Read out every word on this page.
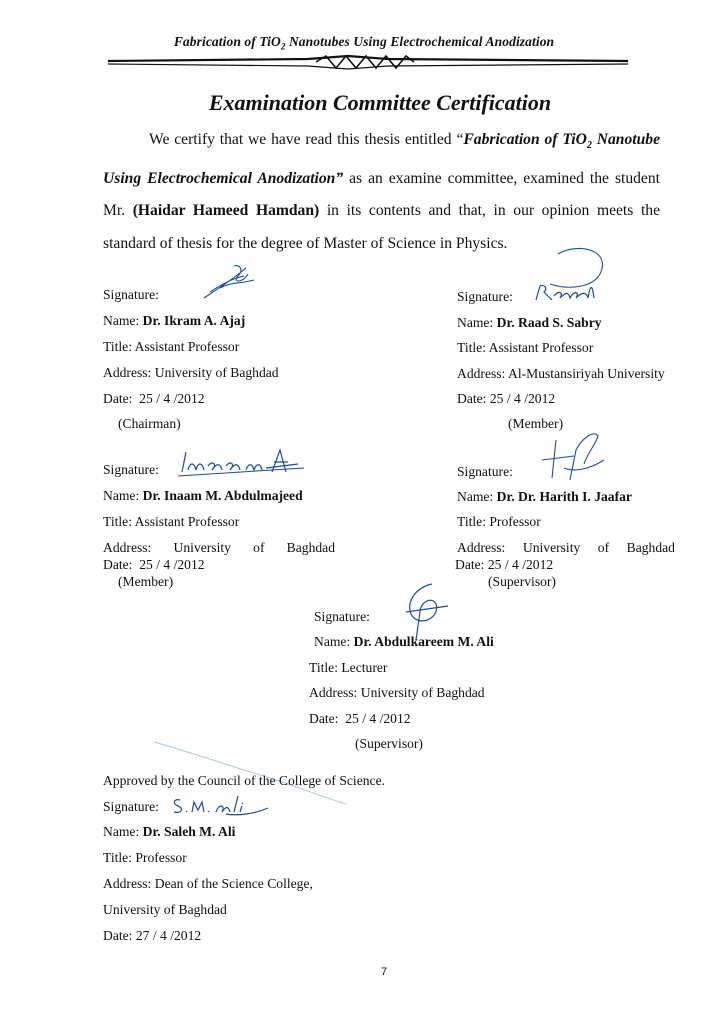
Fabrication of TiO$_2$ Nanotubes Using Electrochemical Anodization
Examination Committee Certification
We certify that we have read this thesis entitled “Fabrication of TiO$_2$ Nanotube Using Electrochemical Anodization” as an examine committee, examined the student Mr. (Haidar Hameed Hamdan) in its contents and that, in our opinion meets the standard of thesis for the degree of Master of Science in Physics.
Signature:
Name: Dr. Ikram A. Ajaj
Title: Assistant Professor
Address: University of Baghdad
Date: 25 / 4 /2012
(Chairman)
Signature:
Name: Dr. Raad S. Sabry
Title: Assistant Professor
Address: Al-Mustansiriyah University
Date: 25 / 4 /2012
(Member)
Signature:
Name: Dr. Inaam M. Abdulmajeed
Title: Assistant Professor
Address: University of Baghdad
Date: 25 / 4 /2012
(Member)
Signature:
Name: Dr. Dr. Harith I. Jaafar
Title: Professor
Address: University of Baghdad
Date: 25 / 4 /2012
(Supervisor)
Signature:
Name: Dr. Abdulkareem M. Ali
Title: Lecturer
Address: University of Baghdad
Date: 25 / 4 /2012
(Supervisor)
Approved by the Council of the College of Science.
Signature:
Name: Dr. Saleh M. Ali
Title: Professor
Address: Dean of the Science College,
University of Baghdad
Date: 27 / 4 /2012
7
